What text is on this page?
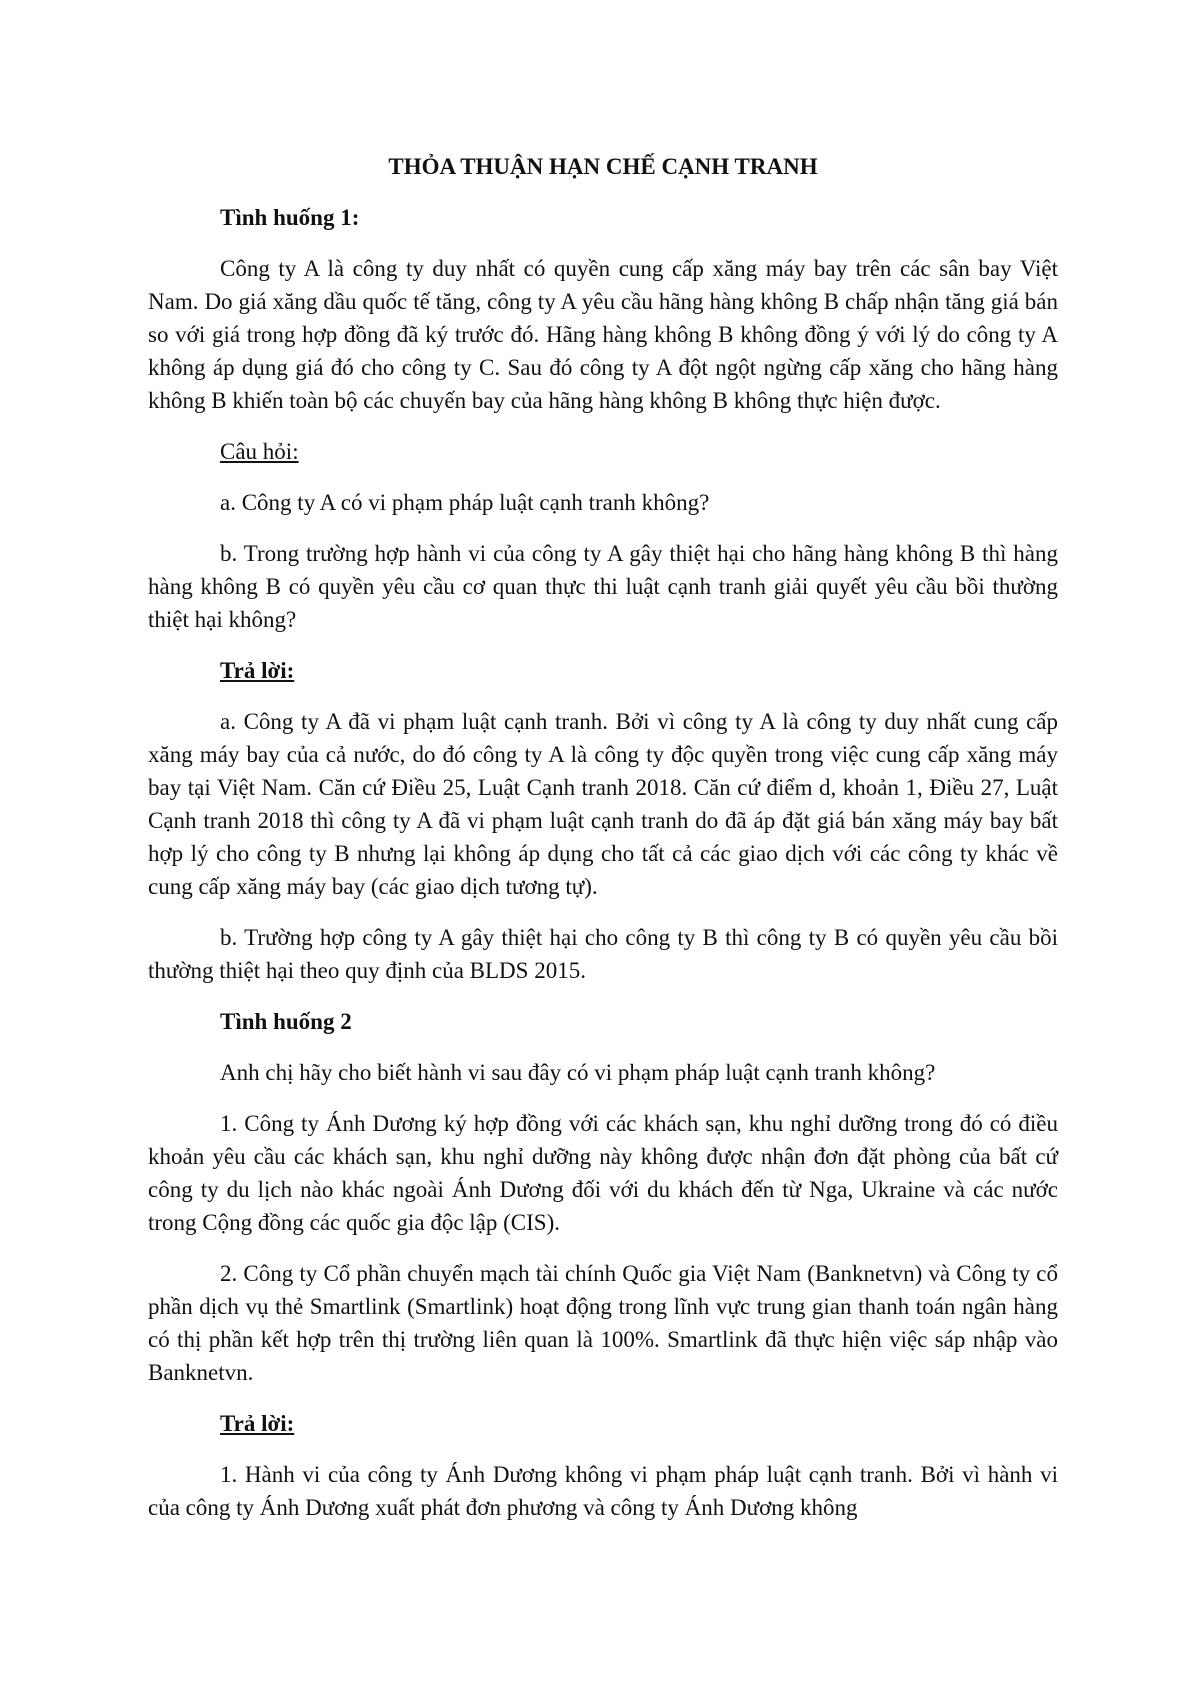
THỎA THUẬN HẠN CHẾ CẠNH TRANH

Tình huống 1:

Công ty A là công ty duy nhất có quyền cung cấp xăng máy bay trên các sân bay Việt Nam. Do giá xăng dầu quốc tế tăng, công ty A yêu cầu hãng hàng không B chấp nhận tăng giá bán so với giá trong hợp đồng đã ký trước đó. Hãng hàng không B không đồng ý với lý do công ty A không áp dụng giá đó cho công ty C. Sau đó công ty A đột ngột ngừng cấp xăng cho hãng hàng không B khiến toàn bộ các chuyến bay của hãng hàng không B không thực hiện được.

Câu hỏi:

a. Công ty A có vi phạm pháp luật cạnh tranh không?

b. Trong trường hợp hành vi của công ty A gây thiệt hại cho hãng hàng không B thì hàng hàng không B có quyền yêu cầu cơ quan thực thi luật cạnh tranh giải quyết yêu cầu bồi thường thiệt hại không?

Trả lời:

a. Công ty A đã vi phạm luật cạnh tranh. Bởi vì công ty A là công ty duy nhất cung cấp xăng máy bay của cả nước, do đó công ty A là công ty độc quyền trong việc cung cấp xăng máy bay tại Việt Nam. Căn cứ Điều 25, Luật Cạnh tranh 2018. Căn cứ điểm d, khoản 1, Điều 27, Luật Cạnh tranh 2018 thì công ty A đã vi phạm luật cạnh tranh do đã áp đặt giá bán xăng máy bay bất hợp lý cho công ty B nhưng lại không áp dụng cho tất cả các giao dịch với các công ty khác về cung cấp xăng máy bay (các giao dịch tương tự).

b. Trường hợp công ty A gây thiệt hại cho công ty B thì công ty B có quyền yêu cầu bồi thường thiệt hại theo quy định của BLDS 2015.

Tình huống 2

Anh chị hãy cho biết hành vi sau đây có vi phạm pháp luật cạnh tranh không?

1. Công ty Ánh Dương ký hợp đồng với các khách sạn, khu nghỉ dưỡng trong đó có điều khoản yêu cầu các khách sạn, khu nghỉ dưỡng này không được nhận đơn đặt phòng của bất cứ công ty du lịch nào khác ngoài Ánh Dương đối với du khách đến từ Nga, Ukraine và các nước trong Cộng đồng các quốc gia độc lập (CIS).

2. Công ty Cổ phần chuyển mạch tài chính Quốc gia Việt Nam (Banknetvn) và Công ty cổ phần dịch vụ thẻ Smartlink (Smartlink) hoạt động trong lĩnh vực trung gian thanh toán ngân hàng có thị phần kết hợp trên thị trường liên quan là 100%. Smartlink đã thực hiện việc sáp nhập vào Banknetvn.

Trả lời:

1. Hành vi của công ty Ánh Dương không vi phạm pháp luật cạnh tranh. Bởi vì hành vi của công ty Ánh Dương xuất phát đơn phương và công ty Ánh Dương không
